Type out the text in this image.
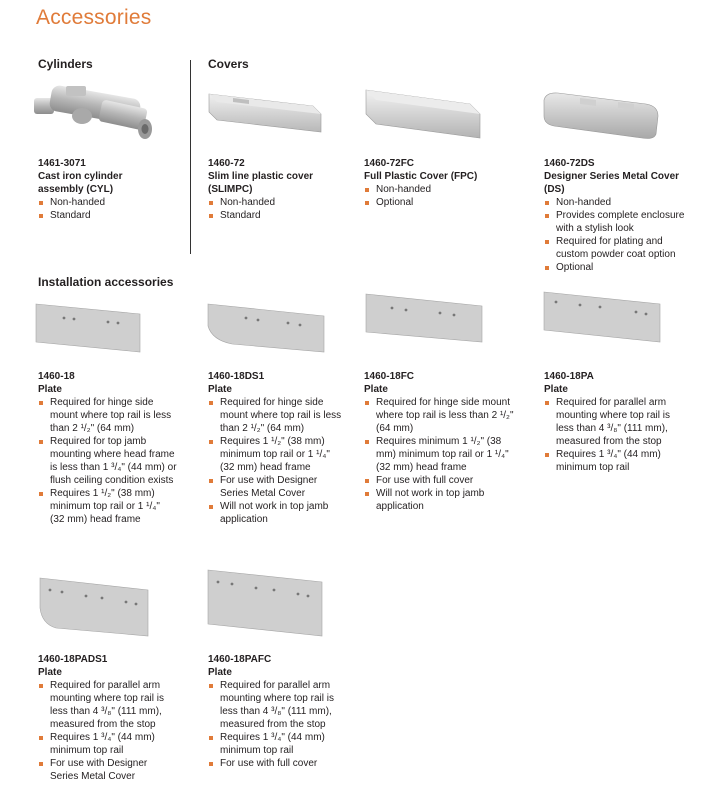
Accessories
Cylinders	Covers
Installation accessories
1461-3071
Cast iron cylinder
assembly (CYL)
Non-handed
Standard
1460-72
Slim line plastic cover
(SLIMPC)
Non-handed
Standard
1460-72FC
Full Plastic Cover (FPC)
Non-handed
Optional
1460-72DS
Designer Series Metal Cover
(DS)
Non-handed
Provides complete enclosure
with a stylish look
Required for plating and
custom powder coat option
Optional
1460-18
Plate
Required for hinge side
mount where top rail is less
than 2 ¹/₂" (64 mm)
Required for top jamb
mounting where head frame
is less than 1 ³/₄" (44 mm) or
flush ceiling condition exists
Requires 1 ¹/₂" (38 mm)
minimum top rail or 1 ¹/₄"
(32 mm) head frame
1460-18DS1
Plate
Required for hinge side
mount where top rail is less
than 2 ¹/₂" (64 mm)
Requires 1 ¹/₂" (38 mm)
minimum top rail or 1 ¹/₄"
(32 mm) head frame
For use with Designer
Series Metal Cover
Will not work in top jamb
application
1460-18FC
Plate
Required for hinge side mount
where top rail is less than 2 ¹/₂"
(64 mm)
Requires minimum 1 ¹/₂" (38
mm) minimum top rail or 1 ¹/₄"
(32 mm) head frame
For use with full cover
Will not work in top jamb
application
1460-18PA
Plate
Required for parallel arm
mounting where top rail is
less than 4 ³/₈" (111 mm),
measured from the stop
Requires 1 ³/₄" (44 mm)
minimum top rail
1460-18PADS1
Plate
Required for parallel arm
mounting where top rail is
less than 4 ³/₈" (111 mm),
measured from the stop
Requires 1 ³/₄" (44 mm)
minimum top rail
For use with Designer
Series Metal Cover
1460-18PAFC
Plate
Required for parallel arm
mounting where top rail is
less than 4 ³/₈" (111 mm),
measured from the stop
Requires 1 ³/₄" (44 mm)
minimum top rail
For use with full cover
